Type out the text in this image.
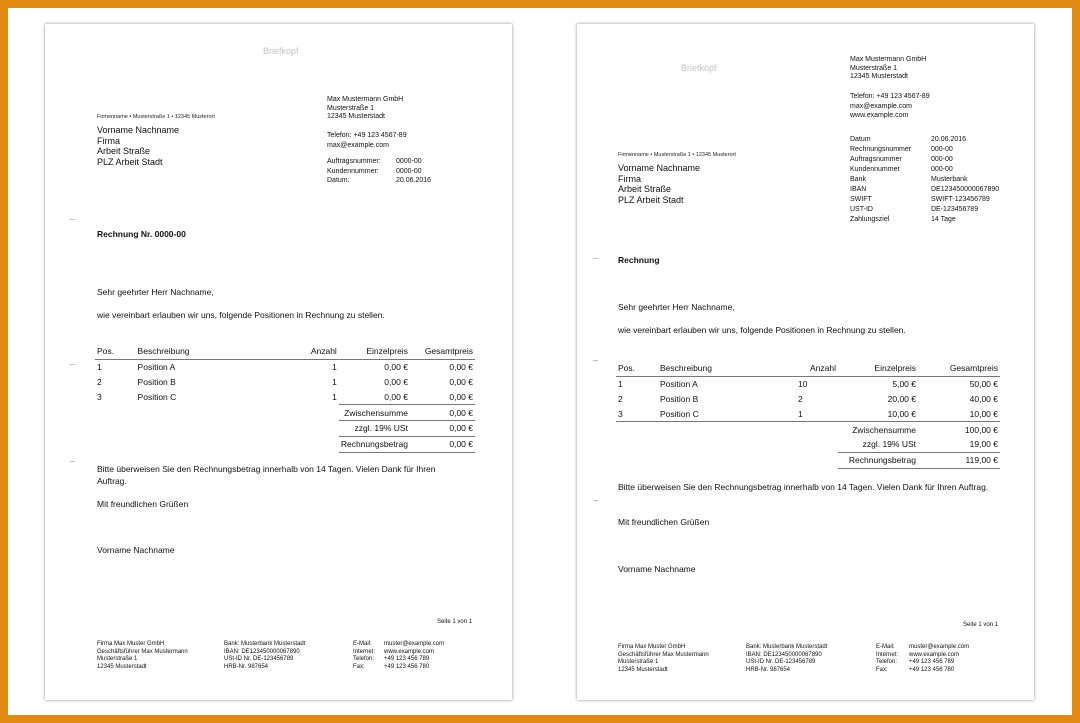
Briefkopf
Max Mustermann GmbH
Musterstraße 1
12345 Musterstadt
Telefon: +49 123 4567-89
max@example.com
Auftragsnummer:	0000-00
Kundennummer:	0000-00
Datum:	20.06.2016
Firmenname • Musterstraße 1 • 12345 Musterort
Vorname Nachname
Firma
Arbeit Straße
PLZ Arbeit Stadt
Rechnung Nr. 0000-00
Sehr geehrter Herr Nachname,
wie vereinbart erlauben wir uns, folgende Positionen in Rechnung zu stellen.
Pos.	Beschreibung	Anzahl	Einzelpreis	Gesamtpreis
1	Position A	1	0,00 €	0,00 €
2	Position B	1	0,00 €	0,00 €
3	Position C	1	0,00 €	0,00 €
			Zwischensumme	0,00 €
			zzgl. 19% USt	0,00 €
			Rechnungsbetrag	0,00 €
Bitte überweisen Sie den Rechnungsbetrag innerhalb von 14 Tagen. Vielen Dank für Ihren Auftrag.
Mit freundlichen Grüßen
Vorname Nachname
Seite 1 von 1
Firma Max Muster GmbH
Geschäftsführer Max Mustermann
Musterstraße 1
12345 Musterstadt
Bank: Musterbank Musterstadt
IBAN: DE123450000067890
USt-ID Nr. DE-123456789
HRB-Nr. 987654
E-Mail:	muster@example.com
Internet:	www.example.com
Telefon:	+49 123 456 789
Fax:	+49 123 456 780
Briefkopf
Max Mustermann GmbH
Musterstraße 1
12345 Musterstadt
Telefon: +49 123 4567-89
max@example.com
www.example.com
Datum	20.06.2016
Rechnungsnummer	000-00
Auftragsnummer	000-00
Kundennummer	000-00
Bank	Musterbank
IBAN	DE123450000067890
SWIFT	SWIFT-123456789
UST-ID	DE-123456789
Zahlungsziel	14 Tage
Firmenname • Musterstraße 1 • 12345 Musterort
Vorname Nachname
Firma
Arbeit Straße
PLZ Arbeit Stadt
Rechnung
Sehr geehrter Herr Nachname,
wie vereinbart erlauben wir uns, folgende Positionen in Rechnung zu stellen.
Pos.	Beschreibung	Anzahl	Einzelpreis	Gesamtpreis
1	Position A	10	5,00 €	50,00 €
2	Position B	2	20,00 €	40,00 €
3	Position C	1	10,00 €	10,00 €
			Zwischensumme	100,00 €
			zzgl. 19% USt	19,00 €
			Rechnungsbetrag	119,00 €
Bitte überweisen Sie den Rechnungsbetrag innerhalb von 14 Tagen. Vielen Dank für Ihren Auftrag.
Mit freundlichen Grüßen
Vorname Nachname
Seite 1 von 1
Firma Max Muster GmbH
Geschäftsführer Max Mustermann
Musterstraße 1
12345 Musterstadt
Bank: Musterbank Musterstadt
IBAN: DE123450000067890
USt-ID Nr. DE-123456789
HRB-Nr. 987654
E-Mail:	muster@example.com
Internet:	www.example.com
Telefon:	+49 123 456 789
Fax:	+49 123 456 780
